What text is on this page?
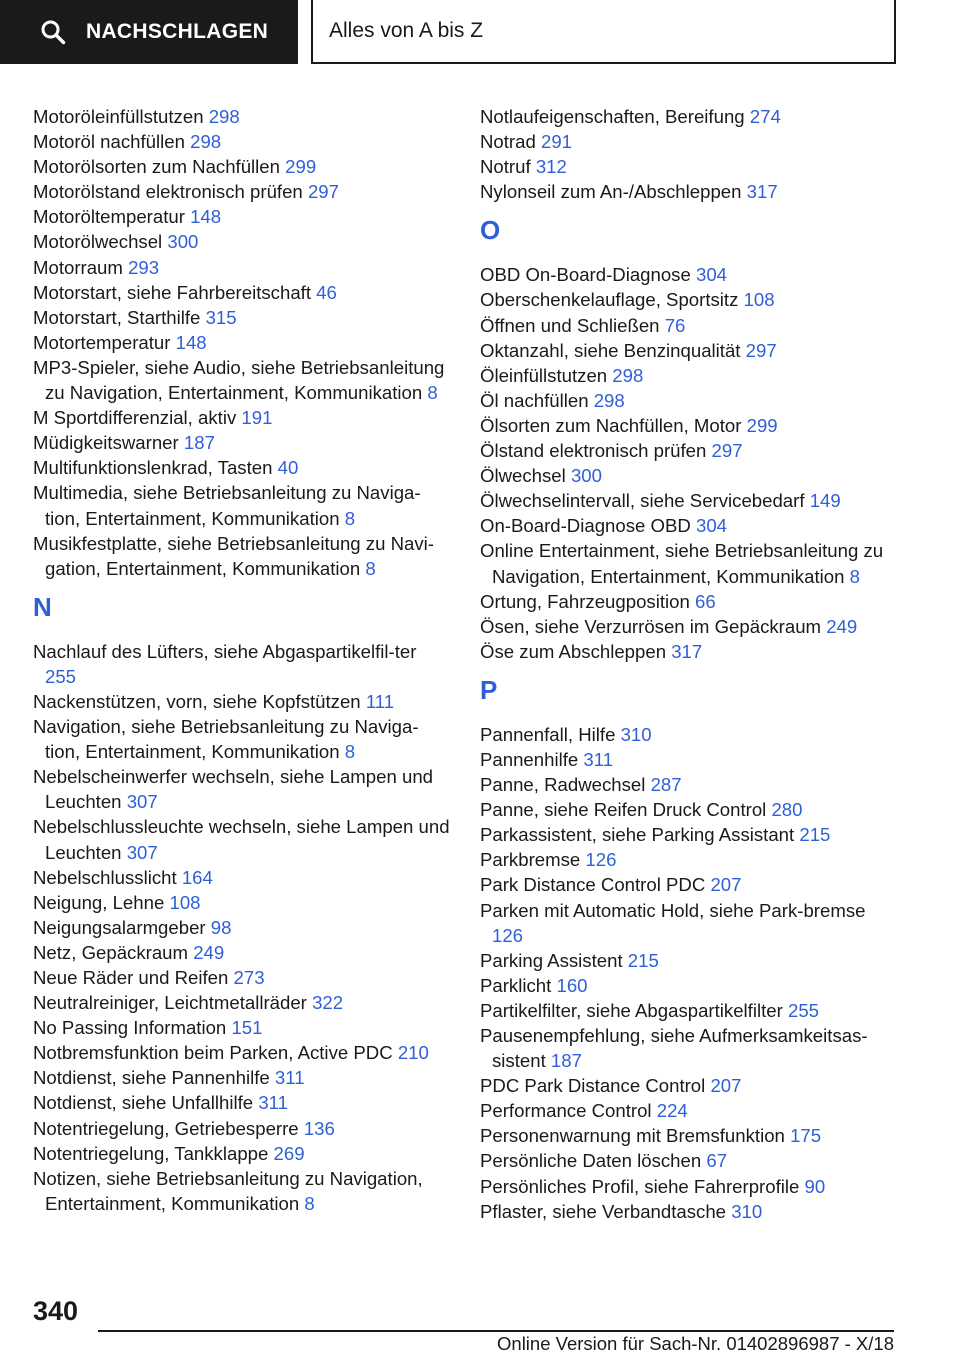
NACHSCHLAGEN	Alles von A bis Z
Motoröleinfüllstutzen 298
Motoröl nachfüllen 298
Motorölsorten zum Nachfüllen 299
Motorölstand elektronisch prüfen 297
Motoröltemperatur 148
Motorölwechsel 300
Motorraum 293
Motorstart, siehe Fahrbereitschaft 46
Motorstart, Starthilfe 315
Motortemperatur 148
MP3-Spieler, siehe Audio, siehe Betriebsanleitung zu Navigation, Entertainment, Kommunikation 8
M Sportdifferenzial, aktiv 191
Müdigkeitswarner 187
Multifunktionslenkrad, Tasten 40
Multimedia, siehe Betriebsanleitung zu Naviga‐tion, Entertainment, Kommunikation 8
Musikfestplatte, siehe Betriebsanleitung zu Navi‐gation, Entertainment, Kommunikation 8
N
Nachlauf des Lüfters, siehe Abgaspartikelfil‐ter 255
Nackenstützen, vorn, siehe Kopfstützen 111
Navigation, siehe Betriebsanleitung zu Naviga‐tion, Entertainment, Kommunikation 8
Nebelscheinwerfer wechseln, siehe Lampen und Leuchten 307
Nebelschlussleuchte wechseln, siehe Lampen und Leuchten 307
Nebelschlusslicht 164
Neigung, Lehne 108
Neigungsalarmgeber 98
Netz, Gepäckraum 249
Neue Räder und Reifen 273
Neutralreiniger, Leichtmetallräder 322
No Passing Information 151
Notbremsfunktion beim Parken, Active PDC 210
Notdienst, siehe Pannenhilfe 311
Notdienst, siehe Unfallhilfe 311
Notentriegelung, Getriebesperre 136
Notentriegelung, Tankklappe 269
Notizen, siehe Betriebsanleitung zu Navigation, Entertainment, Kommunikation 8
Notlaufeigenschaften, Bereifung 274
Notrad 291
Notruf 312
Nylonseil zum An-/Abschleppen 317
O
OBD On-Board-Diagnose 304
Oberschenkelauflage, Sportsitz 108
Öffnen und Schließen 76
Oktanzahl, siehe Benzinqualität 297
Öleinfüllstutzen 298
Öl nachfüllen 298
Ölsorten zum Nachfüllen, Motor 299
Ölstand elektronisch prüfen 297
Ölwechsel 300
Ölwechselintervall, siehe Servicebedarf 149
On-Board-Diagnose OBD 304
Online Entertainment, siehe Betriebsanleitung zu Navigation, Entertainment, Kommunikation 8
Ortung, Fahrzeugposition 66
Ösen, siehe Verzurrösen im Gepäckraum 249
Öse zum Abschleppen 317
P
Pannenfall, Hilfe 310
Pannenhilfe 311
Panne, Radwechsel 287
Panne, siehe Reifen Druck Control 280
Parkassistent, siehe Parking Assistant 215
Parkbremse 126
Park Distance Control PDC 207
Parken mit Automatic Hold, siehe Park‐bremse 126
Parking Assistent 215
Parklicht 160
Partikelfilter, siehe Abgaspartikelfilter 255
Pausenempfehlung, siehe Aufmerksamkeitsas‐sistent 187
PDC Park Distance Control 207
Performance Control 224
Personenwarnung mit Bremsfunktion 175
Persönliche Daten löschen 67
Persönliches Profil, siehe Fahrerprofile 90
Pflaster, siehe Verbandtasche 310
340
Online Version für Sach-Nr. 01402896987 - X/18
